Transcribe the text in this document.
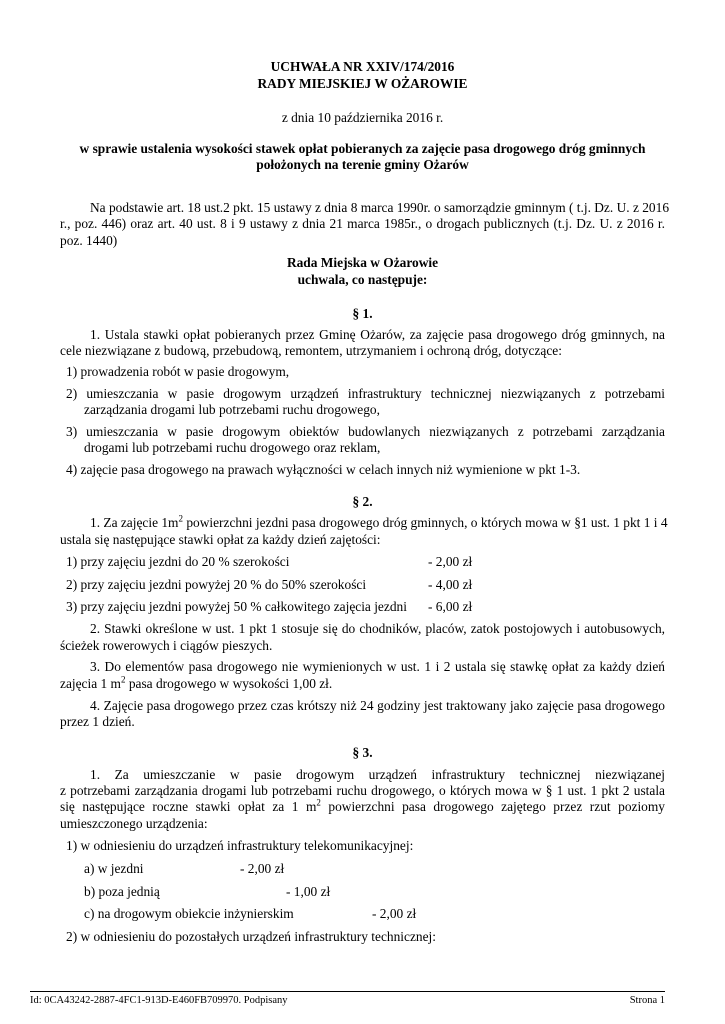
UCHWAŁA NR XXIV/174/2016
RADY MIEJSKIEJ W OŻAROWIE
z dnia 10 października 2016 r.
w sprawie ustalenia wysokości stawek opłat pobieranych za zajęcie pasa drogowego dróg gminnych
położonych na terenie gminy Ożarów
Na podstawie art. 18 ust.2 pkt. 15 ustawy z dnia 8 marca 1990r. o samorządzie gminnym ( t.j. Dz. U. z 2016
r., poz. 446) oraz art. 40 ust. 8 i 9 ustawy z dnia 21 marca 1985r., o drogach publicznych (t.j. Dz. U. z 2016 r.
poz. 1440)
Rada Miejska w Ożarowie
uchwala, co następuje:
§ 1.
1. Ustala stawki opłat pobieranych przez Gminę Ożarów, za zajęcie pasa drogowego dróg gminnych, na
cele niezwiązane z budową, przebudową, remontem, utrzymaniem i ochroną dróg, dotyczące:
1) prowadzenia robót w pasie drogowym,
2) umieszczania w pasie drogowym urządzeń infrastruktury technicznej niezwiązanych z potrzebami
zarządzania drogami lub potrzebami ruchu drogowego,
3) umieszczania w pasie drogowym obiektów budowlanych niezwiązanych z potrzebami zarządzania
drogami lub potrzebami ruchu drogowego oraz reklam,
4) zajęcie pasa drogowego na prawach wyłączności w celach innych niż wymienione w pkt 1-3.
§ 2.
1. Za zajęcie $1m^2$ powierzchni jezdni pasa drogowego dróg gminnych, o których mowa w §1 ust. 1 pkt 1 i 4
ustala się następujące stawki opłat za każdy dzień zajętości:
1) przy zajęciu jezdni do 20 % szerokości	- 2,00 zł
2) przy zajęciu jezdni powyżej 20 % do 50% szerokości	- 4,00 zł
3) przy zajęciu jezdni powyżej 50 % całkowitego zajęcia jezdni - 6,00 zł
2. Stawki określone w ust. 1 pkt 1 stosuje się do chodników, placów, zatok postojowych i autobusowych,
ścieżek rowerowych i ciągów pieszych.
3. Do elementów pasa drogowego nie wymienionych w ust. 1 i 2 ustala się stawkę opłat za każdy dzień
zajęcia 1 $m^2$ pasa drogowego w wysokości 1,00 zł.
4. Zajęcie pasa drogowego przez czas krótszy niż 24 godziny jest traktowany jako zajęcie pasa drogowego
przez 1 dzień.
§ 3.
1. Za umieszczanie w pasie drogowym urządzeń infrastruktury technicznej niezwiązanej
z potrzebami zarządzania drogami lub potrzebami ruchu drogowego, o których mowa w § 1 ust. 1 pkt 2 ustala
się następujące roczne stawki opłat za 1 $m^2$ powierzchni pasa drogowego zajętego przez rzut poziomy
umieszczonego urządzenia:
1) w odniesieniu do urządzeń infrastruktury telekomunikacyjnej:
a) w jezdni	- 2,00 zł
b) poza jednią	- 1,00 zł
c) na drogowym obiekcie inżynierskim	- 2,00 zł
2) w odniesieniu do pozostałych urządzeń infrastruktury technicznej:
Id: 0CA43242-2887-4FC1-913D-E460FB709970. Podpisany	Strona 1
